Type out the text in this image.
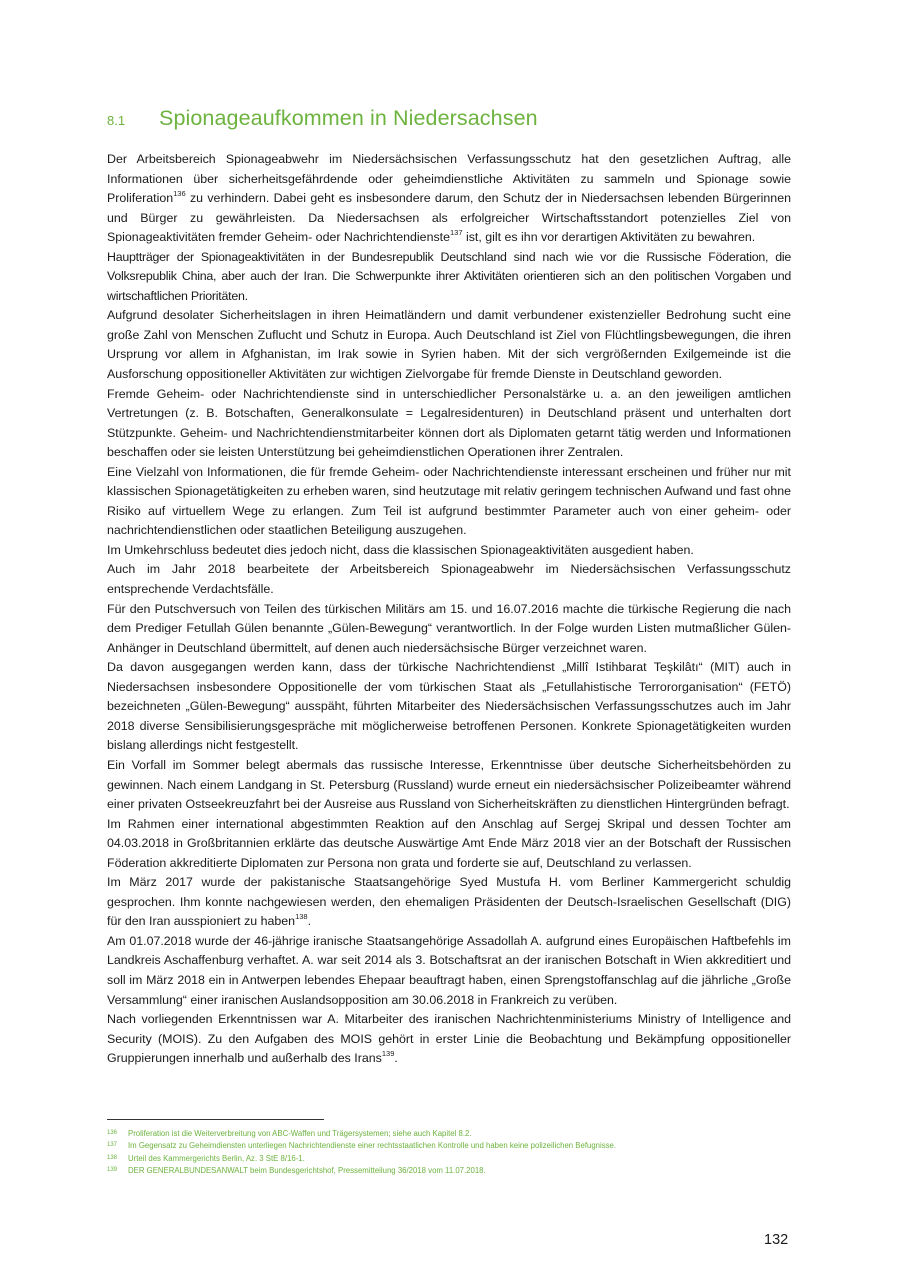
8.1	Spionageaufkommen in Niedersachsen

Der Arbeitsbereich Spionageabwehr im Niedersächsischen Verfassungsschutz hat den gesetzlichen Auftrag, alle Informationen über sicherheitsgefährdende oder geheimdienstliche Aktivitäten zu sammeln und Spionage sowie Proliferation$^{136}$ zu verhindern. Dabei geht es insbesondere darum, den Schutz der in Niedersachsen lebenden Bürgerinnen und Bürger zu gewährleisten. Da Niedersachsen als erfolgreicher Wirtschaftsstandort potenzielles Ziel von Spionageaktivitäten fremder Geheim- oder Nachrichtendienste$^{137}$ ist, gilt es ihn vor derartigen Aktivitäten zu bewahren.

Hauptträger der Spionageaktivitäten in der Bundesrepublik Deutschland sind nach wie vor die Russische Föderation, die Volksrepublik China, aber auch der Iran. Die Schwerpunkte ihrer Aktivitäten orientieren sich an den politischen Vorgaben und wirtschaftlichen Prioritäten.

Aufgrund desolater Sicherheitslagen in ihren Heimatländern und damit verbundener existenzieller Bedrohung sucht eine große Zahl von Menschen Zuflucht und Schutz in Europa. Auch Deutschland ist Ziel von Flüchtlingsbewegungen, die ihren Ursprung vor allem in Afghanistan, im Irak sowie in Syrien haben. Mit der sich vergrößernden Exilgemeinde ist die Ausforschung oppositioneller Aktivitäten zur wichtigen Zielvorgabe für fremde Dienste in Deutschland geworden.

Fremde Geheim- oder Nachrichtendienste sind in unterschiedlicher Personalstärke u. a. an den jeweiligen amtlichen Vertretungen (z. B. Botschaften, Generalkonsulate = Legalresidenturen) in Deutschland präsent und unterhalten dort Stützpunkte. Geheim- und Nachrichtendienstmitarbeiter können dort als Diplomaten getarnt tätig werden und Informationen beschaffen oder sie leisten Unterstützung bei geheimdienstlichen Operationen ihrer Zentralen.

Eine Vielzahl von Informationen, die für fremde Geheim- oder Nachrichtendienste interessant erscheinen und früher nur mit klassischen Spionagetätigkeiten zu erheben waren, sind heutzutage mit relativ geringem technischen Aufwand und fast ohne Risiko auf virtuellem Wege zu erlangen. Zum Teil ist aufgrund bestimmter Parameter auch von einer geheim- oder nachrichtendienstlichen oder staatlichen Beteiligung auszugehen.

Im Umkehrschluss bedeutet dies jedoch nicht, dass die klassischen Spionageaktivitäten ausgedient haben.

Auch im Jahr 2018 bearbeitete der Arbeitsbereich Spionageabwehr im Niedersächsischen Verfassungsschutz entsprechende Verdachtsfälle.

Für den Putschversuch von Teilen des türkischen Militärs am 15. und 16.07.2016 machte die türkische Regierung die nach dem Prediger Fetullah Gülen benannte „Gülen-Bewegung“ verantwortlich. In der Folge wurden Listen mutmaßlicher Gülen-Anhänger in Deutschland übermittelt, auf denen auch niedersächsische Bürger verzeichnet waren.

Da davon ausgegangen werden kann, dass der türkische Nachrichtendienst „Millî Istihbarat Teşkilâtı“ (MIT) auch in Niedersachsen insbesondere Oppositionelle der vom türkischen Staat als „Fetullahistische Terrororganisation“ (FETÖ) bezeichneten „Gülen-Bewegung“ ausspäht, führten Mitarbeiter des Niedersächsischen Verfassungsschutzes auch im Jahr 2018 diverse Sensibilisierungsgespräche mit möglicherweise betroffenen Personen. Konkrete Spionagetätigkeiten wurden bislang allerdings nicht festgestellt.

Ein Vorfall im Sommer belegt abermals das russische Interesse, Erkenntnisse über deutsche Sicherheitsbehörden zu gewinnen. Nach einem Landgang in St. Petersburg (Russland) wurde erneut ein niedersächsischer Polizeibeamter während einer privaten Ostseekreuzfahrt bei der Ausreise aus Russland von Sicherheitskräften zu dienstlichen Hintergründen befragt.

Im Rahmen einer international abgestimmten Reaktion auf den Anschlag auf Sergej Skripal und dessen Tochter am 04.03.2018 in Großbritannien erklärte das deutsche Auswärtige Amt Ende März 2018 vier an der Botschaft der Russischen Föderation akkreditierte Diplomaten zur Persona non grata und forderte sie auf, Deutschland zu verlassen.

Im März 2017 wurde der pakistanische Staatsangehörige Syed Mustufa H. vom Berliner Kammergericht schuldig gesprochen. Ihm konnte nachgewiesen werden, den ehemaligen Präsidenten der Deutsch-Israelischen Gesellschaft (DIG) für den Iran ausspioniert zu haben$^{138}$.

Am 01.07.2018 wurde der 46-jährige iranische Staatsangehörige Assadollah A. aufgrund eines Europäischen Haftbefehls im Landkreis Aschaffenburg verhaftet. A. war seit 2014 als 3. Botschaftsrat an der iranischen Botschaft in Wien akkreditiert und soll im März 2018 ein in Antwerpen lebendes Ehepaar beauftragt haben, einen Sprengstoffanschlag auf die jährliche „Große Versammlung“ einer iranischen Auslandsopposition am 30.06.2018 in Frankreich zu verüben.

Nach vorliegenden Erkenntnissen war A. Mitarbeiter des iranischen Nachrichtenministeriums Ministry of Intelligence and Security (MOIS). Zu den Aufgaben des MOIS gehört in erster Linie die Beobachtung und Bekämpfung oppositioneller Gruppierungen innerhalb und außerhalb des Irans$^{139}$.

136	Proliferation ist die Weiterverbreitung von ABC-Waffen und Trägersystemen; siehe auch Kapitel 8.2.
137	Im Gegensatz zu Geheimdiensten unterliegen Nachrichtendienste einer rechtsstaatlichen Kontrolle und haben keine polizeilichen Befugnisse.
138	Urteil des Kammergerichts Berlin, Az. 3 StE 8/16-1.
139	DER GENERALBUNDESANWALT beim Bundesgerichtshof, Pressemitteilung 36/2018 vom 11.07.2018.
132
